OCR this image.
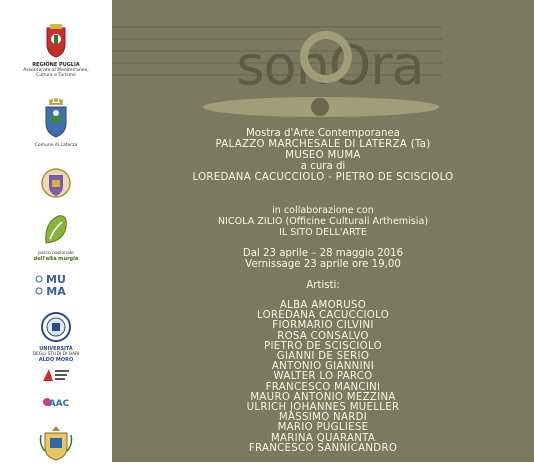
REGIONE PUGLIA
Assessorato al Mediterraneo,
Cultura e Turismo
Comune di Laterza
parco nazionale
dell'alta murgia
MU
MA
UNIVERSITÀ
DEGLI STUDI DI BARI
ALDO MORO
AAC
sonOra
Mostra d'Arte Contemporanea
PALAZZO MARCHESALE DI LATERZA (Ta)
MUSEO MUMA
a cura di
LOREDANA CACUCCIOLO - PIETRO DE SCISCIOLO
in collaborazione con
NICOLA ZILIO (Officine Culturali Arthemisia)
IL SITO DELL'ARTE
Dal 23 aprile – 28 maggio 2016
Vernissage 23 aprile ore 19,00
Artisti:
ALBA AMORUSO
LOREDANA CACUCCIOLO
FIORMARIO CILVINI
ROSA CONSALVO
PIETRO DE SCISCIOLO
GIANNI DE SERIO
ANTONIO GIANNINI
WALTER LO PARCO
FRANCESCO MANCINI
MAURO ANTONIO MEZZINA
ULRICH JOHANNES MUELLER
MASSIMO NARDI
MARIO PUGLIESE
MARINA QUARANTA
FRANCESCO SANNICANDRO
